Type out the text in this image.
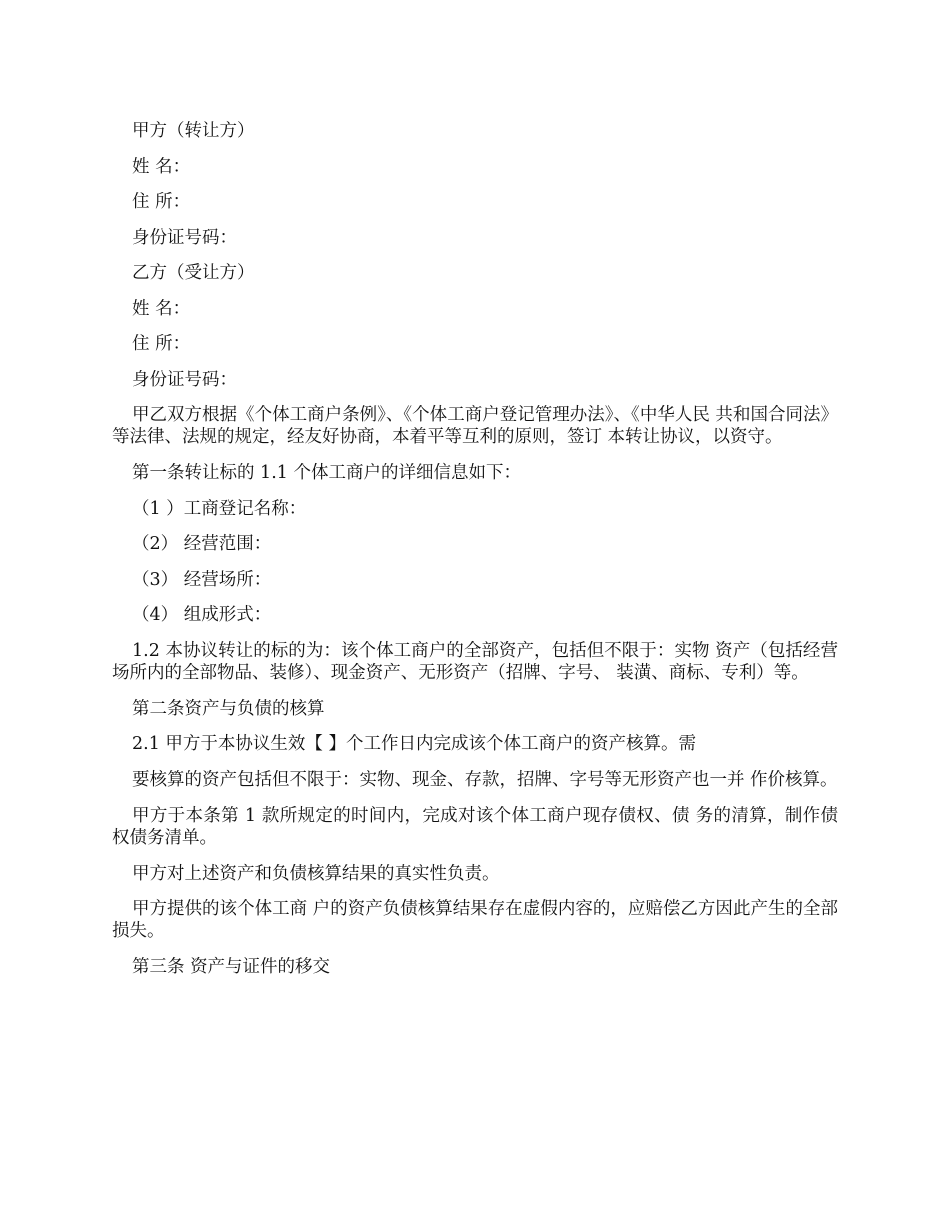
甲方（转让方）

姓 名：

住 所：

身份证号码：

乙方（受让方）

姓 名：

住 所：

身份证号码：

甲乙双方根据《个体工商户条例》、《个体工商户登记管理办法》、《中华人民 共和国合同法》等法律、法规的规定，经友好协商，本着平等互利的原则，签订 本转让协议，以资守。

第一条转让标的 1.1 个体工商户的详细信息如下：

（1 ）工商登记名称：

（2） 经营范围：

（3） 经营场所：

（4） 组成形式：

1.2 本协议转让的标的为：该个体工商户的全部资产，包括但不限于：实物 资产（包括经营场所内的全部物品、装修）、现金资产、无形资产（招牌、字号、 装潢、商标、专利）等。

第二条资产与负债的核算

2.1 甲方于本协议生效【 】个工作日内完成该个体工商户的资产核算。需

要核算的资产包括但不限于：实物、现金、存款，招牌、字号等无形资产也一并 作价核算。

甲方于本条第 1 款所规定的时间内，完成对该个体工商户现存债权、债 务的清算，制作债权债务清单。

甲方对上述资产和负债核算结果的真实性负责。

甲方提供的该个体工商 户的资产负债核算结果存在虚假内容的，应赔偿乙方因此产生的全部损失。

第三条 资产与证件的移交
